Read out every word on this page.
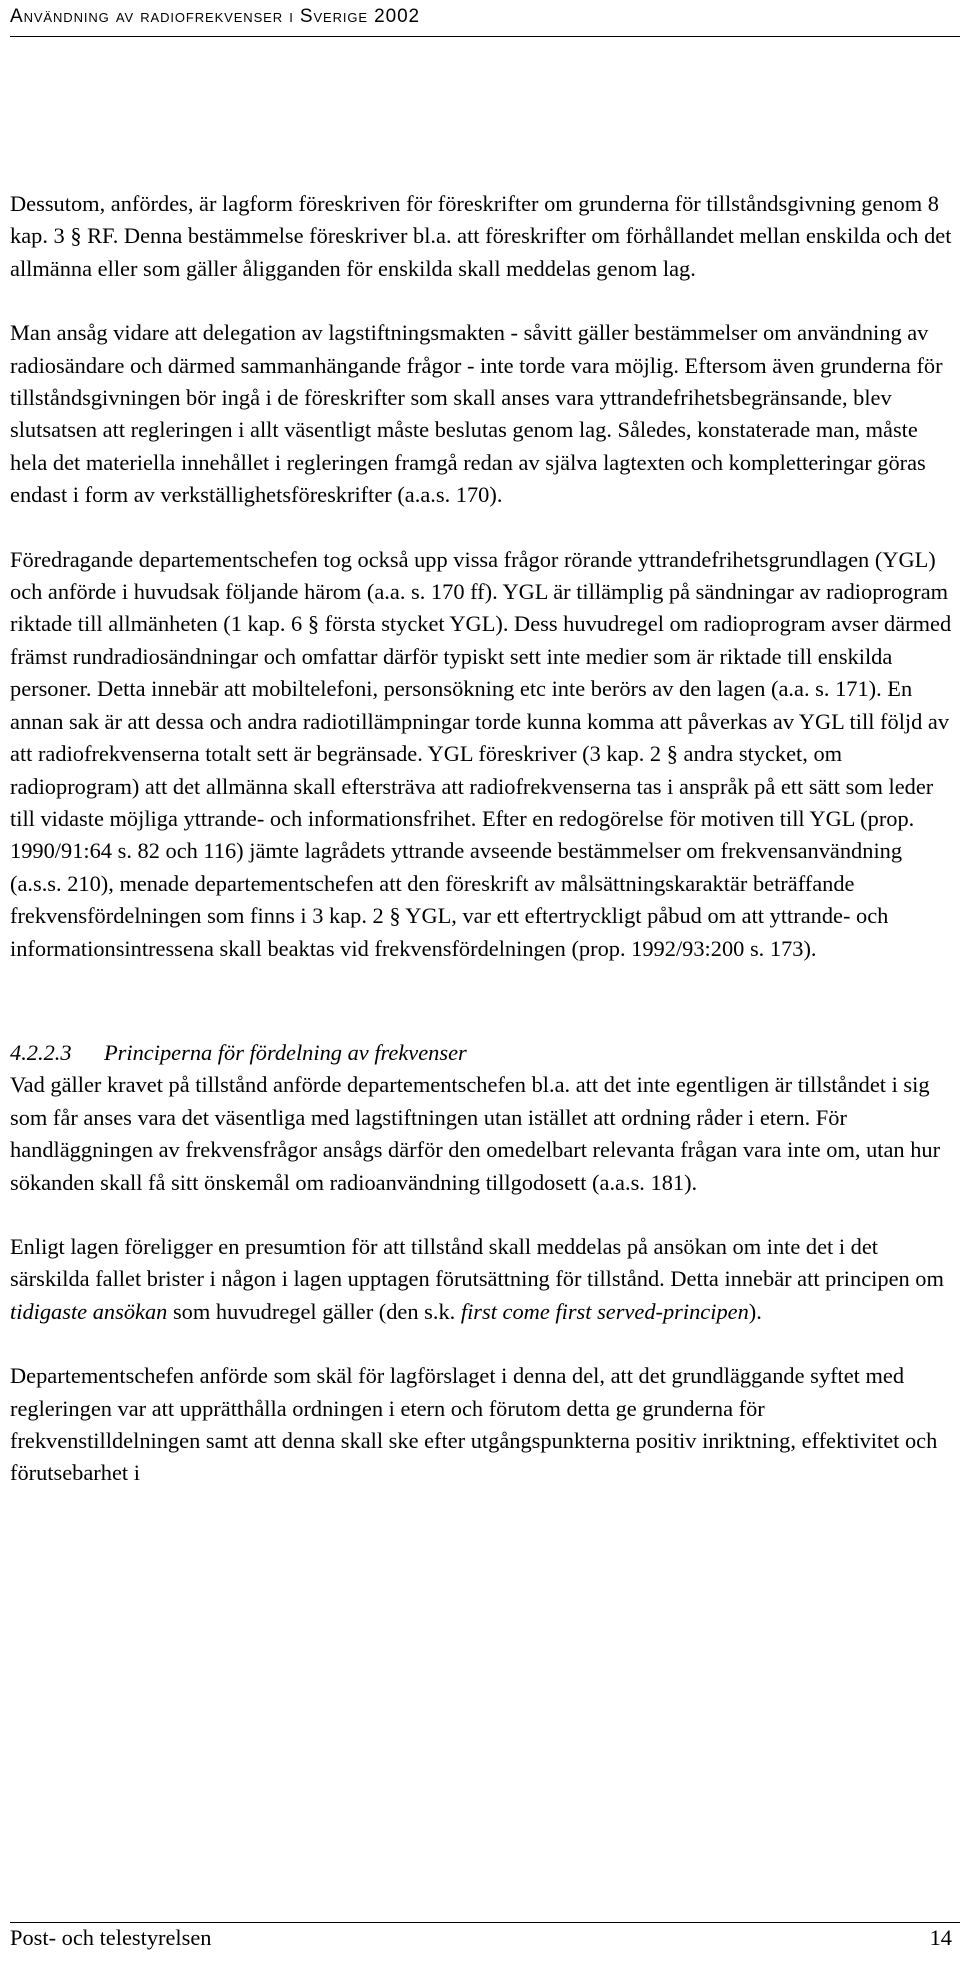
Användning av radiofrekvenser i Sverige 2002

Dessutom, anfördes, är lagform föreskriven för föreskrifter om grunderna för tillståndsgivning genom 8 kap. 3 § RF. Denna bestämmelse föreskriver bl.a. att föreskrifter om förhållandet mellan enskilda och det allmänna eller som gäller åligganden för enskilda skall meddelas genom lag.

Man ansåg vidare att delegation av lagstiftningsmakten - såvitt gäller bestämmelser om användning av radiosändare och därmed sammanhängande frågor - inte torde vara möjlig. Eftersom även grunderna för tillståndsgivningen bör ingå i de föreskrifter som skall anses vara yttrandefrihetsbegränsande, blev slutsatsen att regleringen i allt väsentligt måste beslutas genom lag. Således, konstaterade man, måste hela det materiella innehållet i regleringen framgå redan av själva lagtexten och kompletteringar göras endast i form av verkställighetsföreskrifter (a.a.s. 170).

Föredragande departementschefen tog också upp vissa frågor rörande yttrandefrihetsgrundlagen (YGL) och anförde i huvudsak följande härom (a.a. s. 170 ff). YGL är tillämplig på sändningar av radioprogram riktade till allmänheten (1 kap. 6 § första stycket YGL). Dess huvudregel om radioprogram avser därmed främst rundradiosändningar och omfattar därför typiskt sett inte medier som är riktade till enskilda personer. Detta innebär att mobiltelefoni, personsökning etc inte berörs av den lagen (a.a. s. 171). En annan sak är att dessa och andra radiotillämpningar torde kunna komma att påverkas av YGL till följd av att radiofrekvenserna totalt sett är begränsade. YGL föreskriver (3 kap. 2 § andra stycket, om radioprogram) att det allmänna skall eftersträva att radiofrekvenserna tas i anspråk på ett sätt som leder till vidaste möjliga yttrande- och informationsfrihet. Efter en redogörelse för motiven till YGL (prop. 1990/91:64 s. 82 och 116) jämte lagrådets yttrande avseende bestämmelser om frekvensanvändning (a.s.s. 210), menade departementschefen att den föreskrift av målsättningskaraktär beträffande frekvensfördelningen som finns i 3 kap. 2 § YGL, var ett eftertryckligt påbud om att yttrande- och informationsintressena skall beaktas vid frekvensfördelningen (prop. 1992/93:200 s. 173).

4.2.2.3 Principerna för fördelning av frekvenser

Vad gäller kravet på tillstånd anförde departementschefen bl.a. att det inte egentligen är tillståndet i sig som får anses vara det väsentliga med lagstiftningen utan istället att ordning råder i etern. För handläggningen av frekvensfrågor ansågs därför den omedelbart relevanta frågan vara inte om, utan hur sökanden skall få sitt önskemål om radioanvändning tillgodosett (a.a.s. 181).

Enligt lagen föreligger en presumtion för att tillstånd skall meddelas på ansökan om inte det i det särskilda fallet brister i någon i lagen upptagen förutsättning för tillstånd. Detta innebär att principen om tidigaste ansökan som huvudregel gäller (den s.k. first come first served-principen).

Departementschefen anförde som skäl för lagförslaget i denna del, att det grundläggande syftet med regleringen var att upprätthålla ordningen i etern och förutom detta ge grunderna för frekvenstilldelningen samt att denna skall ske efter utgångspunkterna positiv inriktning, effektivitet och förutsebarhet i

Post- och telestyrelsen	14
